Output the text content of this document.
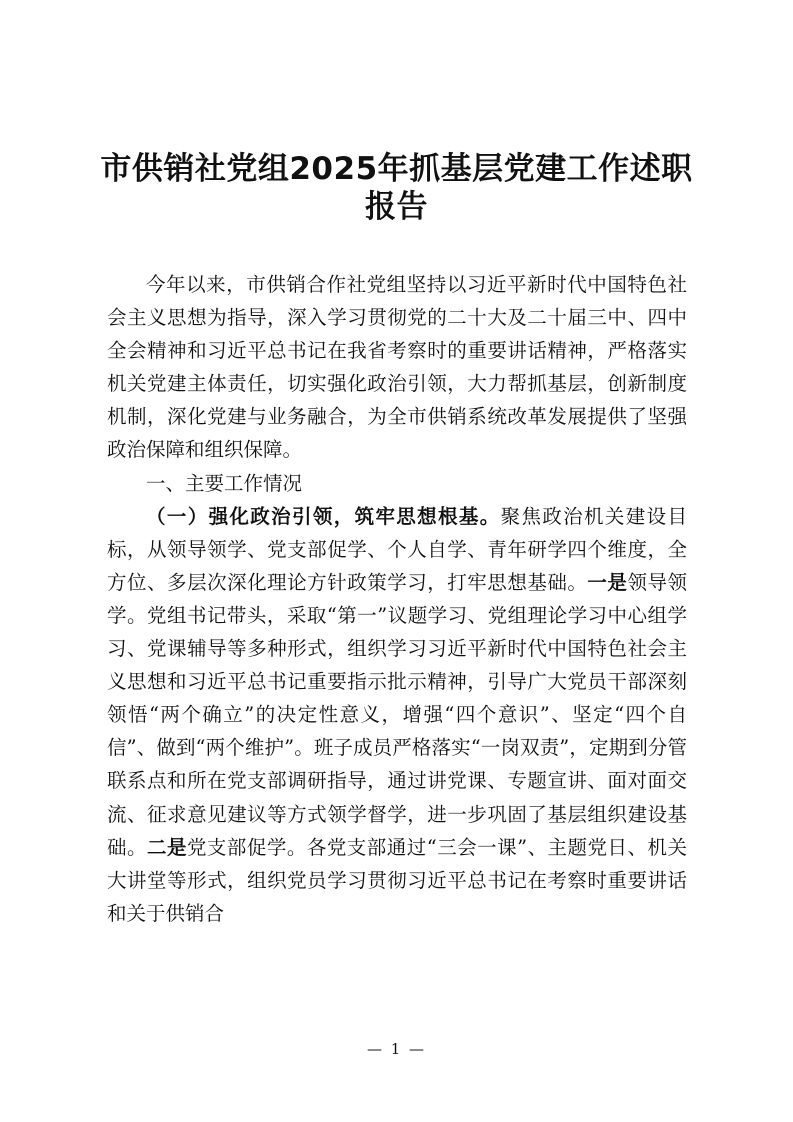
市供销社党组2025年抓基层党建工作述职报告

今年以来，市供销合作社党组坚持以习近平新时代中国特色社会主义思想为指导，深入学习贯彻党的二十大及二十届三中、四中全会精神和习近平总书记在我省考察时的重要讲话精神，严格落实机关党建主体责任，切实强化政治引领，大力帮抓基层，创新制度机制，深化党建与业务融合，为全市供销系统改革发展提供了坚强政治保障和组织保障。

一、主要工作情况

（一）强化政治引领，筑牢思想根基。聚焦政治机关建设目标，从领导领学、党支部促学、个人自学、青年研学四个维度，全方位、多层次深化理论方针政策学习，打牢思想基础。一是领导领学。党组书记带头，采取“第一”议题学习、党组理论学习中心组学习、党课辅导等多种形式，组织学习习近平新时代中国特色社会主义思想和习近平总书记重要指示批示精神，引导广大党员干部深刻领悟“两个确立”的决定性意义，增强“四个意识”、坚定“四个自信”、做到“两个维护”。班子成员严格落实“一岗双责”，定期到分管联系点和所在党支部调研指导，通过讲党课、专题宣讲、面对面交流、征求意见建议等方式领学督学，进一步巩固了基层组织建设基础。二是党支部促学。各党支部通过“三会一课”、主题党日、机关大讲堂等形式，组织党员学习贯彻习近平总书记在考察时重要讲话和关于供销合

— 1 —
